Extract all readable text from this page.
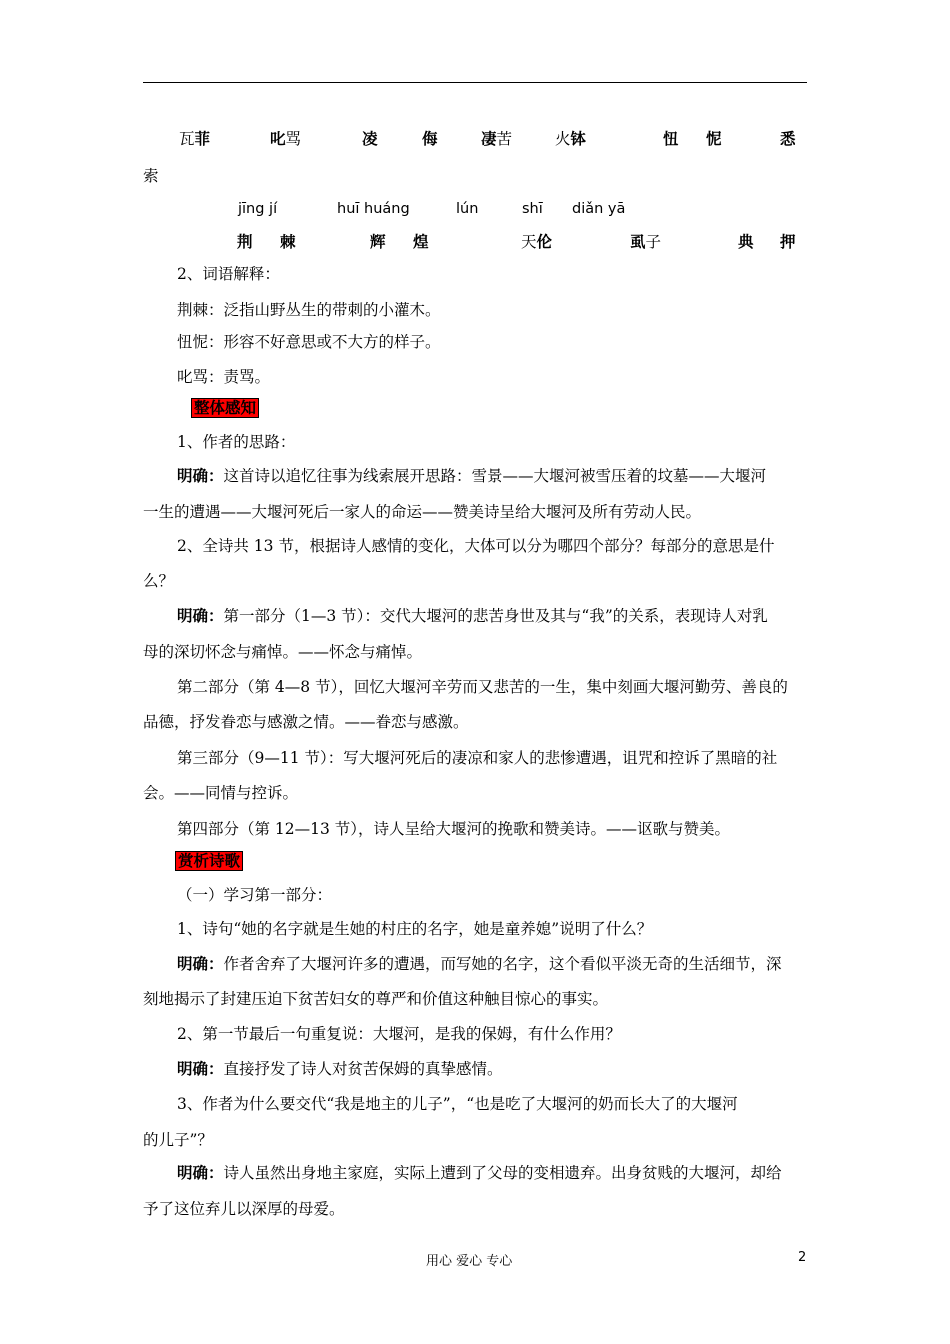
瓦菲	叱骂	凌	侮	凄苦	火钵	忸 怩	悉
索
jīng jí	huī huáng	lún	shī diǎn yā
荆 棘	辉 煌	天伦	虱子	典 押
2、词语解释：
荆棘：泛指山野丛生的带刺的小灌木。
忸怩：形容不好意思或不大方的样子。
叱骂：责骂。
整体感知
1、作者的思路：
明确：这首诗以追忆往事为线索展开思路：雪景——大堰河被雪压着的坟墓——大堰河
一生的遭遇——大堰河死后一家人的命运——赞美诗呈给大堰河及所有劳动人民。
2、全诗共 13 节，根据诗人感情的变化，大体可以分为哪四个部分？每部分的意思是什
么？
明确：第一部分（1—3 节）：交代大堰河的悲苦身世及其与“我”的关系，表现诗人对乳
母的深切怀念与痛悼。——怀念与痛悼。
第二部分（第 4—8 节），回忆大堰河辛劳而又悲苦的一生，集中刻画大堰河勤劳、善良的
品德，抒发眷恋与感激之情。——眷恋与感激。
第三部分（9—11 节）：写大堰河死后的凄凉和家人的悲惨遭遇，诅咒和控诉了黑暗的社
会。——同情与控诉。
第四部分（第 12—13 节），诗人呈给大堰河的挽歌和赞美诗。——讴歌与赞美。
赏析诗歌
（一）学习第一部分：
1、诗句“她的名字就是生她的村庄的名字，她是童养媳”说明了什么？
明确：作者舍弃了大堰河许多的遭遇，而写她的名字，这个看似平淡无奇的生活细节，深
刻地揭示了封建压迫下贫苦妇女的尊严和价值这种触目惊心的事实。
2、第一节最后一句重复说：大堰河，是我的保姆，有什么作用？
明确：直接抒发了诗人对贫苦保姆的真挚感情。
3、作者为什么要交代“我是地主的儿子”，“也是吃了大堰河的奶而长大了的大堰河
的儿子”？
明确：诗人虽然出身地主家庭，实际上遭到了父母的变相遗弃。出身贫贱的大堰河，却给
予了这位弃儿以深厚的母爱。
用心 爱心 专心	2
